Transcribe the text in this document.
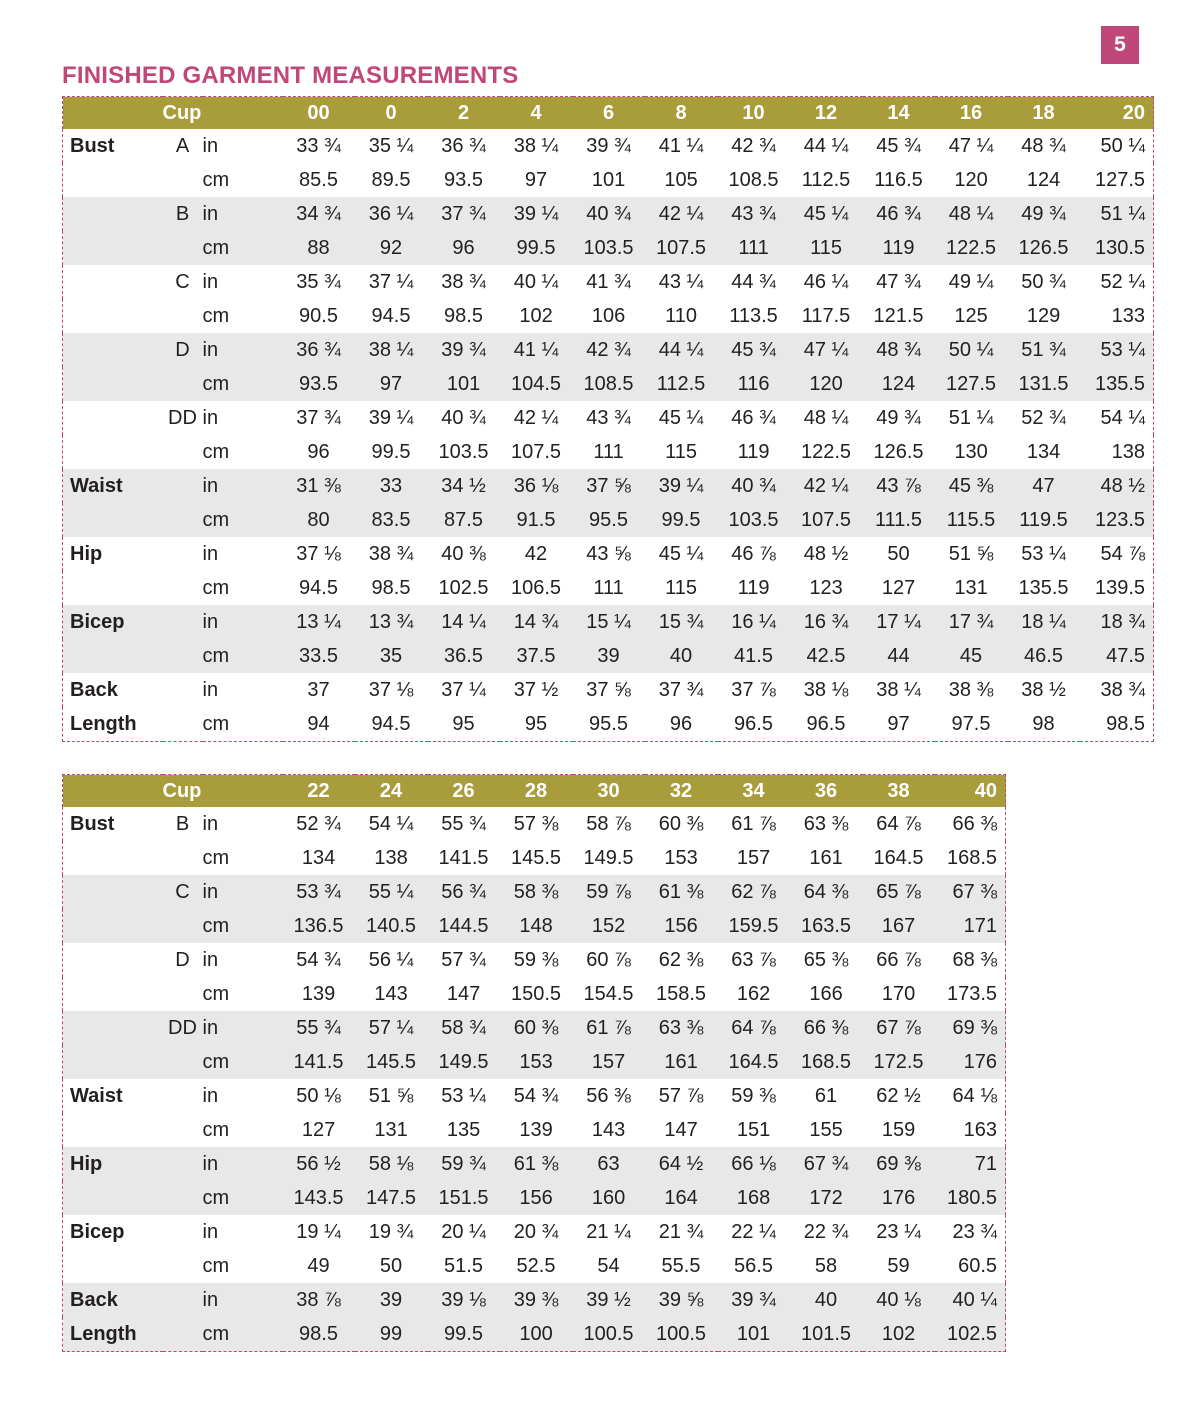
5
FINISHED GARMENT MEASUREMENTS
	Cup		00	0	2	4	6	8	10	12	14	16	18	20
Bust	A	in	33 ¾	35 ¼	36 ¾	38 ¼	39 ¾	41 ¼	42 ¾	44 ¼	45 ¾	47 ¼	48 ¾	50 ¼
		cm	85.5	89.5	93.5	97	101	105	108.5	112.5	116.5	120	124	127.5
	B	in	34 ¾	36 ¼	37 ¾	39 ¼	40 ¾	42 ¼	43 ¾	45 ¼	46 ¾	48 ¼	49 ¾	51 ¼
		cm	88	92	96	99.5	103.5	107.5	111	115	119	122.5	126.5	130.5
	C	in	35 ¾	37 ¼	38 ¾	40 ¼	41 ¾	43 ¼	44 ¾	46 ¼	47 ¾	49 ¼	50 ¾	52 ¼
		cm	90.5	94.5	98.5	102	106	110	113.5	117.5	121.5	125	129	133
	D	in	36 ¾	38 ¼	39 ¾	41 ¼	42 ¾	44 ¼	45 ¾	47 ¼	48 ¾	50 ¼	51 ¾	53 ¼
		cm	93.5	97	101	104.5	108.5	112.5	116	120	124	127.5	131.5	135.5
	DD	in	37 ¾	39 ¼	40 ¾	42 ¼	43 ¾	45 ¼	46 ¾	48 ¼	49 ¾	51 ¼	52 ¾	54 ¼
		cm	96	99.5	103.5	107.5	111	115	119	122.5	126.5	130	134	138
Waist		in	31 ⅜	33	34 ½	36 ⅛	37 ⅝	39 ¼	40 ¾	42 ¼	43 ⅞	45 ⅜	47	48 ½
		cm	80	83.5	87.5	91.5	95.5	99.5	103.5	107.5	111.5	115.5	119.5	123.5
Hip		in	37 ⅛	38 ¾	40 ⅜	42	43 ⅝	45 ¼	46 ⅞	48 ½	50	51 ⅝	53 ¼	54 ⅞
		cm	94.5	98.5	102.5	106.5	111	115	119	123	127	131	135.5	139.5
Bicep		in	13 ¼	13 ¾	14 ¼	14 ¾	15 ¼	15 ¾	16 ¼	16 ¾	17 ¼	17 ¾	18 ¼	18 ¾
		cm	33.5	35	36.5	37.5	39	40	41.5	42.5	44	45	46.5	47.5
Back		in	37	37 ⅛	37 ¼	37 ½	37 ⅝	37 ¾	37 ⅞	38 ⅛	38 ¼	38 ⅜	38 ½	38 ¾
Length		cm	94	94.5	95	95	95.5	96	96.5	96.5	97	97.5	98	98.5
	Cup		22	24	26	28	30	32	34	36	38	40
Bust	B	in	52 ¾	54 ¼	55 ¾	57 ⅜	58 ⅞	60 ⅜	61 ⅞	63 ⅜	64 ⅞	66 ⅜
		cm	134	138	141.5	145.5	149.5	153	157	161	164.5	168.5
	C	in	53 ¾	55 ¼	56 ¾	58 ⅜	59 ⅞	61 ⅜	62 ⅞	64 ⅜	65 ⅞	67 ⅜
		cm	136.5	140.5	144.5	148	152	156	159.5	163.5	167	171
	D	in	54 ¾	56 ¼	57 ¾	59 ⅜	60 ⅞	62 ⅜	63 ⅞	65 ⅜	66 ⅞	68 ⅜
		cm	139	143	147	150.5	154.5	158.5	162	166	170	173.5
	DD	in	55 ¾	57 ¼	58 ¾	60 ⅜	61 ⅞	63 ⅜	64 ⅞	66 ⅜	67 ⅞	69 ⅜
		cm	141.5	145.5	149.5	153	157	161	164.5	168.5	172.5	176
Waist		in	50 ⅛	51 ⅝	53 ¼	54 ¾	56 ⅜	57 ⅞	59 ⅜	61	62 ½	64 ⅛
		cm	127	131	135	139	143	147	151	155	159	163
Hip		in	56 ½	58 ⅛	59 ¾	61 ⅜	63	64 ½	66 ⅛	67 ¾	69 ⅜	71
		cm	143.5	147.5	151.5	156	160	164	168	172	176	180.5
Bicep		in	19 ¼	19 ¾	20 ¼	20 ¾	21 ¼	21 ¾	22 ¼	22 ¾	23 ¼	23 ¾
		cm	49	50	51.5	52.5	54	55.5	56.5	58	59	60.5
Back		in	38 ⅞	39	39 ⅛	39 ⅜	39 ½	39 ⅝	39 ¾	40	40 ⅛	40 ¼
Length		cm	98.5	99	99.5	100	100.5	100.5	101	101.5	102	102.5
